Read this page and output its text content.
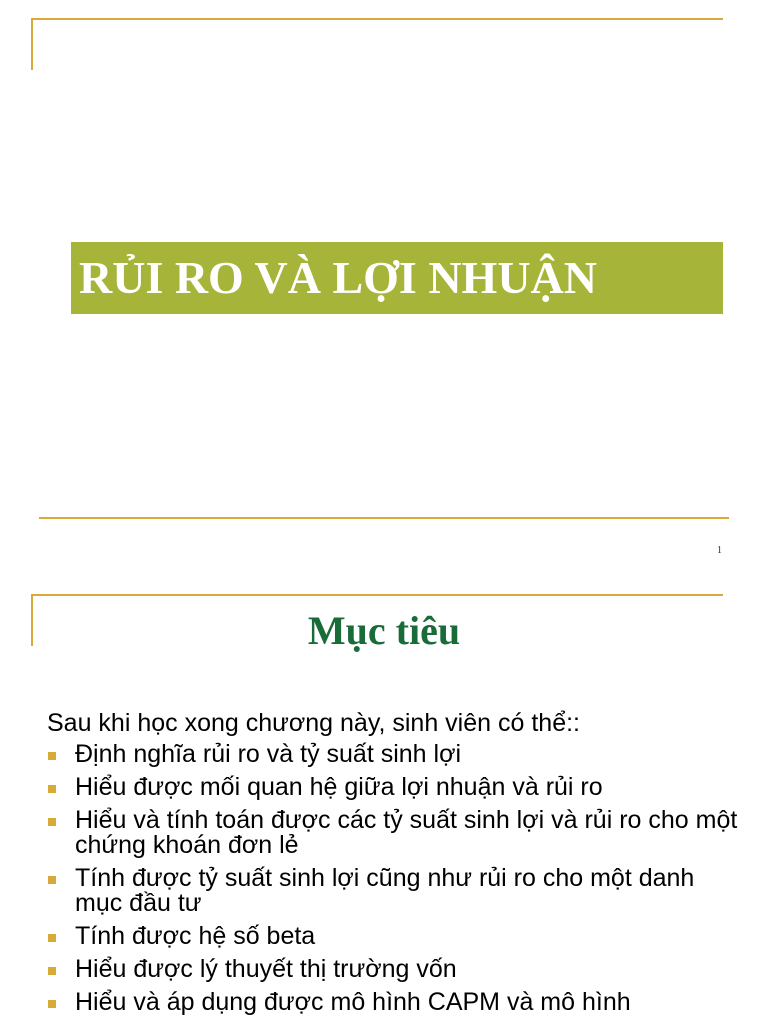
RỦI RO VÀ LỢI NHUẬN
1
Mục tiêu
Sau khi học xong chương này, sinh viên có thể::
Định nghĩa rủi ro và tỷ suất sinh lợi
Hiểu được mối quan hệ giữa lợi nhuận và rủi ro
Hiểu và tính toán được các tỷ suất sinh lợi và rủi ro cho một chứng khoán đơn lẻ
Tính được tỷ suất sinh lợi cũng như rủi ro cho một danh mục đầu tư
Tính được hệ số beta
Hiểu được lý thuyết thị trường vốn
Hiểu và áp dụng được mô hình CAPM và mô hình
